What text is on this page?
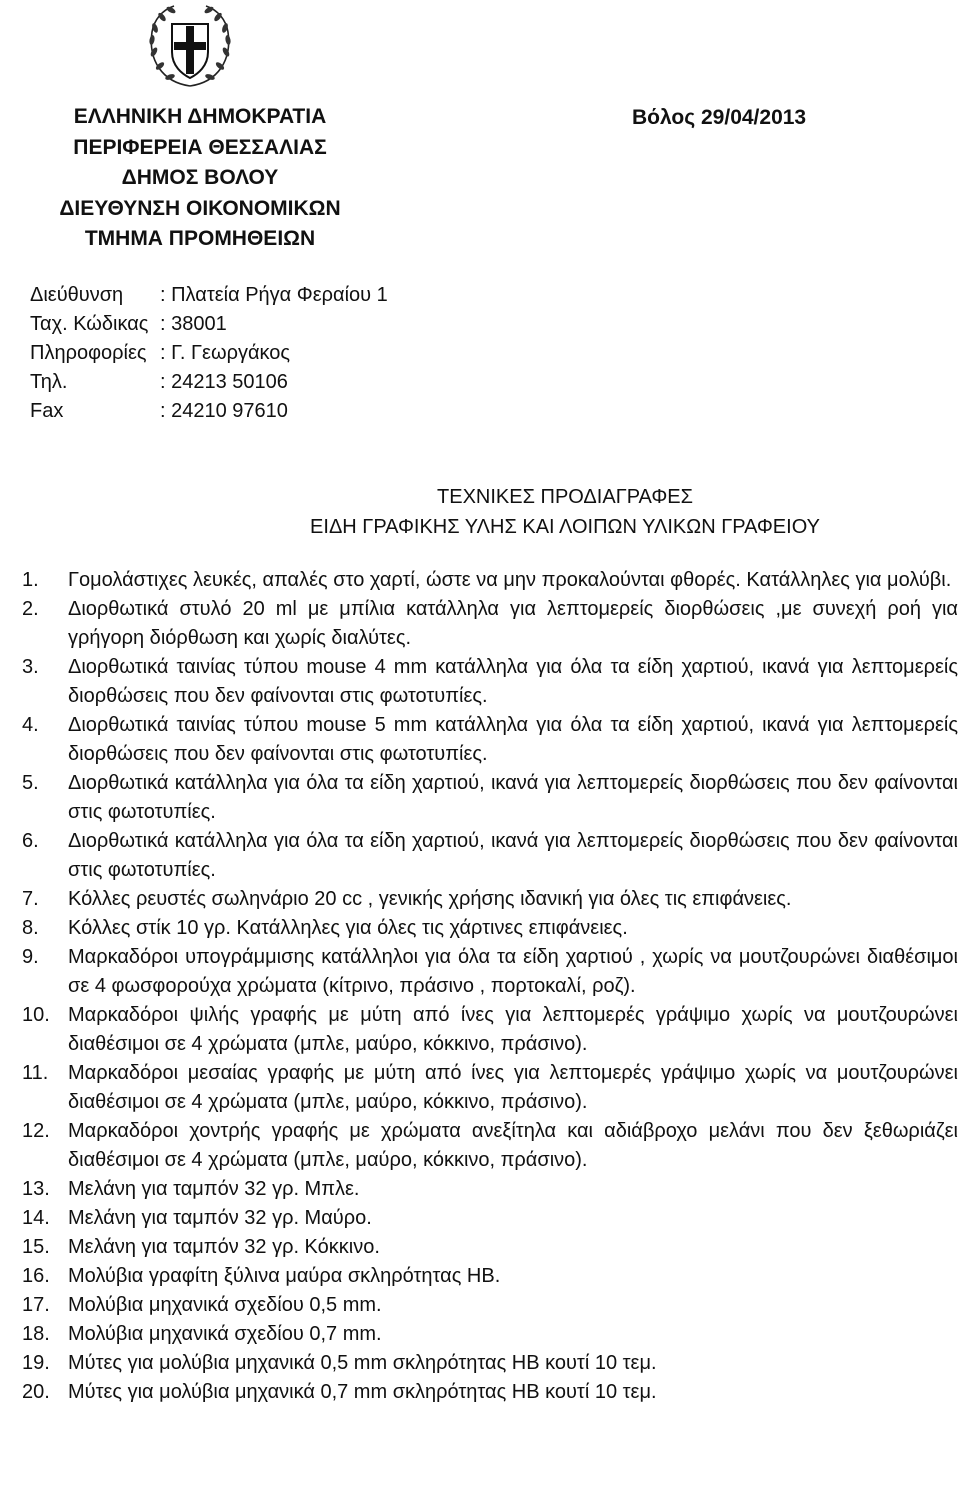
ΕΛΛΗΝΙΚΗ ΔΗΜΟΚΡΑΤΙΑ
ΠΕΡΙΦΕΡΕΙΑ ΘΕΣΣΑΛΙΑΣ
ΔΗΜΟΣ ΒΟΛΟΥ
ΔΙΕΥΘΥΝΣΗ ΟΙΚΟΝΟΜΙΚΩΝ
ΤΜΗΜΑ ΠΡΟΜΗΘΕΙΩΝ
Βόλος 29/04/2013
Διεύθυνση	: Πλατεία Ρήγα Φεραίου 1
Ταχ. Κώδικας : 38001
Πληροφορίες : Γ. Γεωργάκος
Τηλ.	: 24213 50106
Fax	: 24210 97610
ΤΕΧΝΙΚΕΣ ΠΡΟΔΙΑΓΡΑΦΕΣ
ΕΙΔΗ ΓΡΑΦΙΚΗΣ ΥΛΗΣ ΚΑΙ ΛΟΙΠΩΝ ΥΛΙΚΩΝ ΓΡΑΦΕΙΟΥ
1.	Γομολάστιχες λευκές, απαλές στο χαρτί, ώστε να μην προκαλούνται φθορές. Κατάλληλες για μολύβι.
2.	Διορθωτικά στυλό 20 ml με μπίλια κατάλληλα για λεπτομερείς διορθώσεις ,με συνεχή ροή για γρήγορη διόρθωση και χωρίς διαλύτες.
3.	Διορθωτικά ταινίας τύπου mouse 4 mm κατάλληλα για όλα τα είδη χαρτιού, ικανά για λεπτομερείς διορθώσεις που δεν φαίνονται στις φωτοτυπίες.
4.	Διορθωτικά ταινίας τύπου mouse 5 mm κατάλληλα για όλα τα είδη χαρτιού, ικανά για λεπτομερείς διορθώσεις που δεν φαίνονται στις φωτοτυπίες.
5.	Διορθωτικά κατάλληλα για όλα τα είδη χαρτιού, ικανά για λεπτομερείς διορθώσεις που δεν φαίνονται στις φωτοτυπίες.
6.	Διορθωτικά κατάλληλα για όλα τα είδη χαρτιού, ικανά για λεπτομερείς διορθώσεις που δεν φαίνονται στις φωτοτυπίες.
7.	Κόλλες ρευστές σωληνάριο 20 cc , γενικής χρήσης ιδανική για όλες τις επιφάνειες.
8.	Κόλλες στίκ 10 γρ. Κατάλληλες για όλες τις χάρτινες επιφάνειες.
9.	Μαρκαδόροι υπογράμμισης κατάλληλοι για όλα τα είδη χαρτιού , χωρίς να μουτζουρώνει διαθέσιμοι σε 4 φωσφορούχα χρώματα (κίτρινο, πράσινο , πορτοκαλί, ροζ).
10. Μαρκαδόροι ψιλής γραφής με μύτη από ίνες για λεπτομερές γράψιμο χωρίς να μουτζουρώνει διαθέσιμοι σε 4 χρώματα (μπλε, μαύρο, κόκκινο, πράσινο).
11. Μαρκαδόροι μεσαίας γραφής με μύτη από ίνες για λεπτομερές γράψιμο χωρίς να μουτζουρώνει διαθέσιμοι σε 4 χρώματα (μπλε, μαύρο, κόκκινο, πράσινο).
12. Μαρκαδόροι χοντρής γραφής με χρώματα ανεξίτηλα και αδιάβροχο μελάνι που δεν ξεθωριάζει διαθέσιμοι σε 4 χρώματα (μπλε, μαύρο, κόκκινο, πράσινο).
13. Μελάνη για ταμπόν 32 γρ. Μπλε.
14. Μελάνη για ταμπόν 32 γρ. Μαύρο.
15. Μελάνη για ταμπόν 32 γρ. Κόκκινο.
16. Μολύβια γραφίτη ξύλινα μαύρα σκληρότητας HB.
17. Μολύβια μηχανικά σχεδίου 0,5 mm.
18. Μολύβια μηχανικά σχεδίου 0,7 mm.
19. Μύτες για μολύβια μηχανικά 0,5 mm σκληρότητας HB κουτί 10 τεμ.
20. Μύτες για μολύβια μηχανικά 0,7 mm σκληρότητας HB κουτί 10 τεμ.
